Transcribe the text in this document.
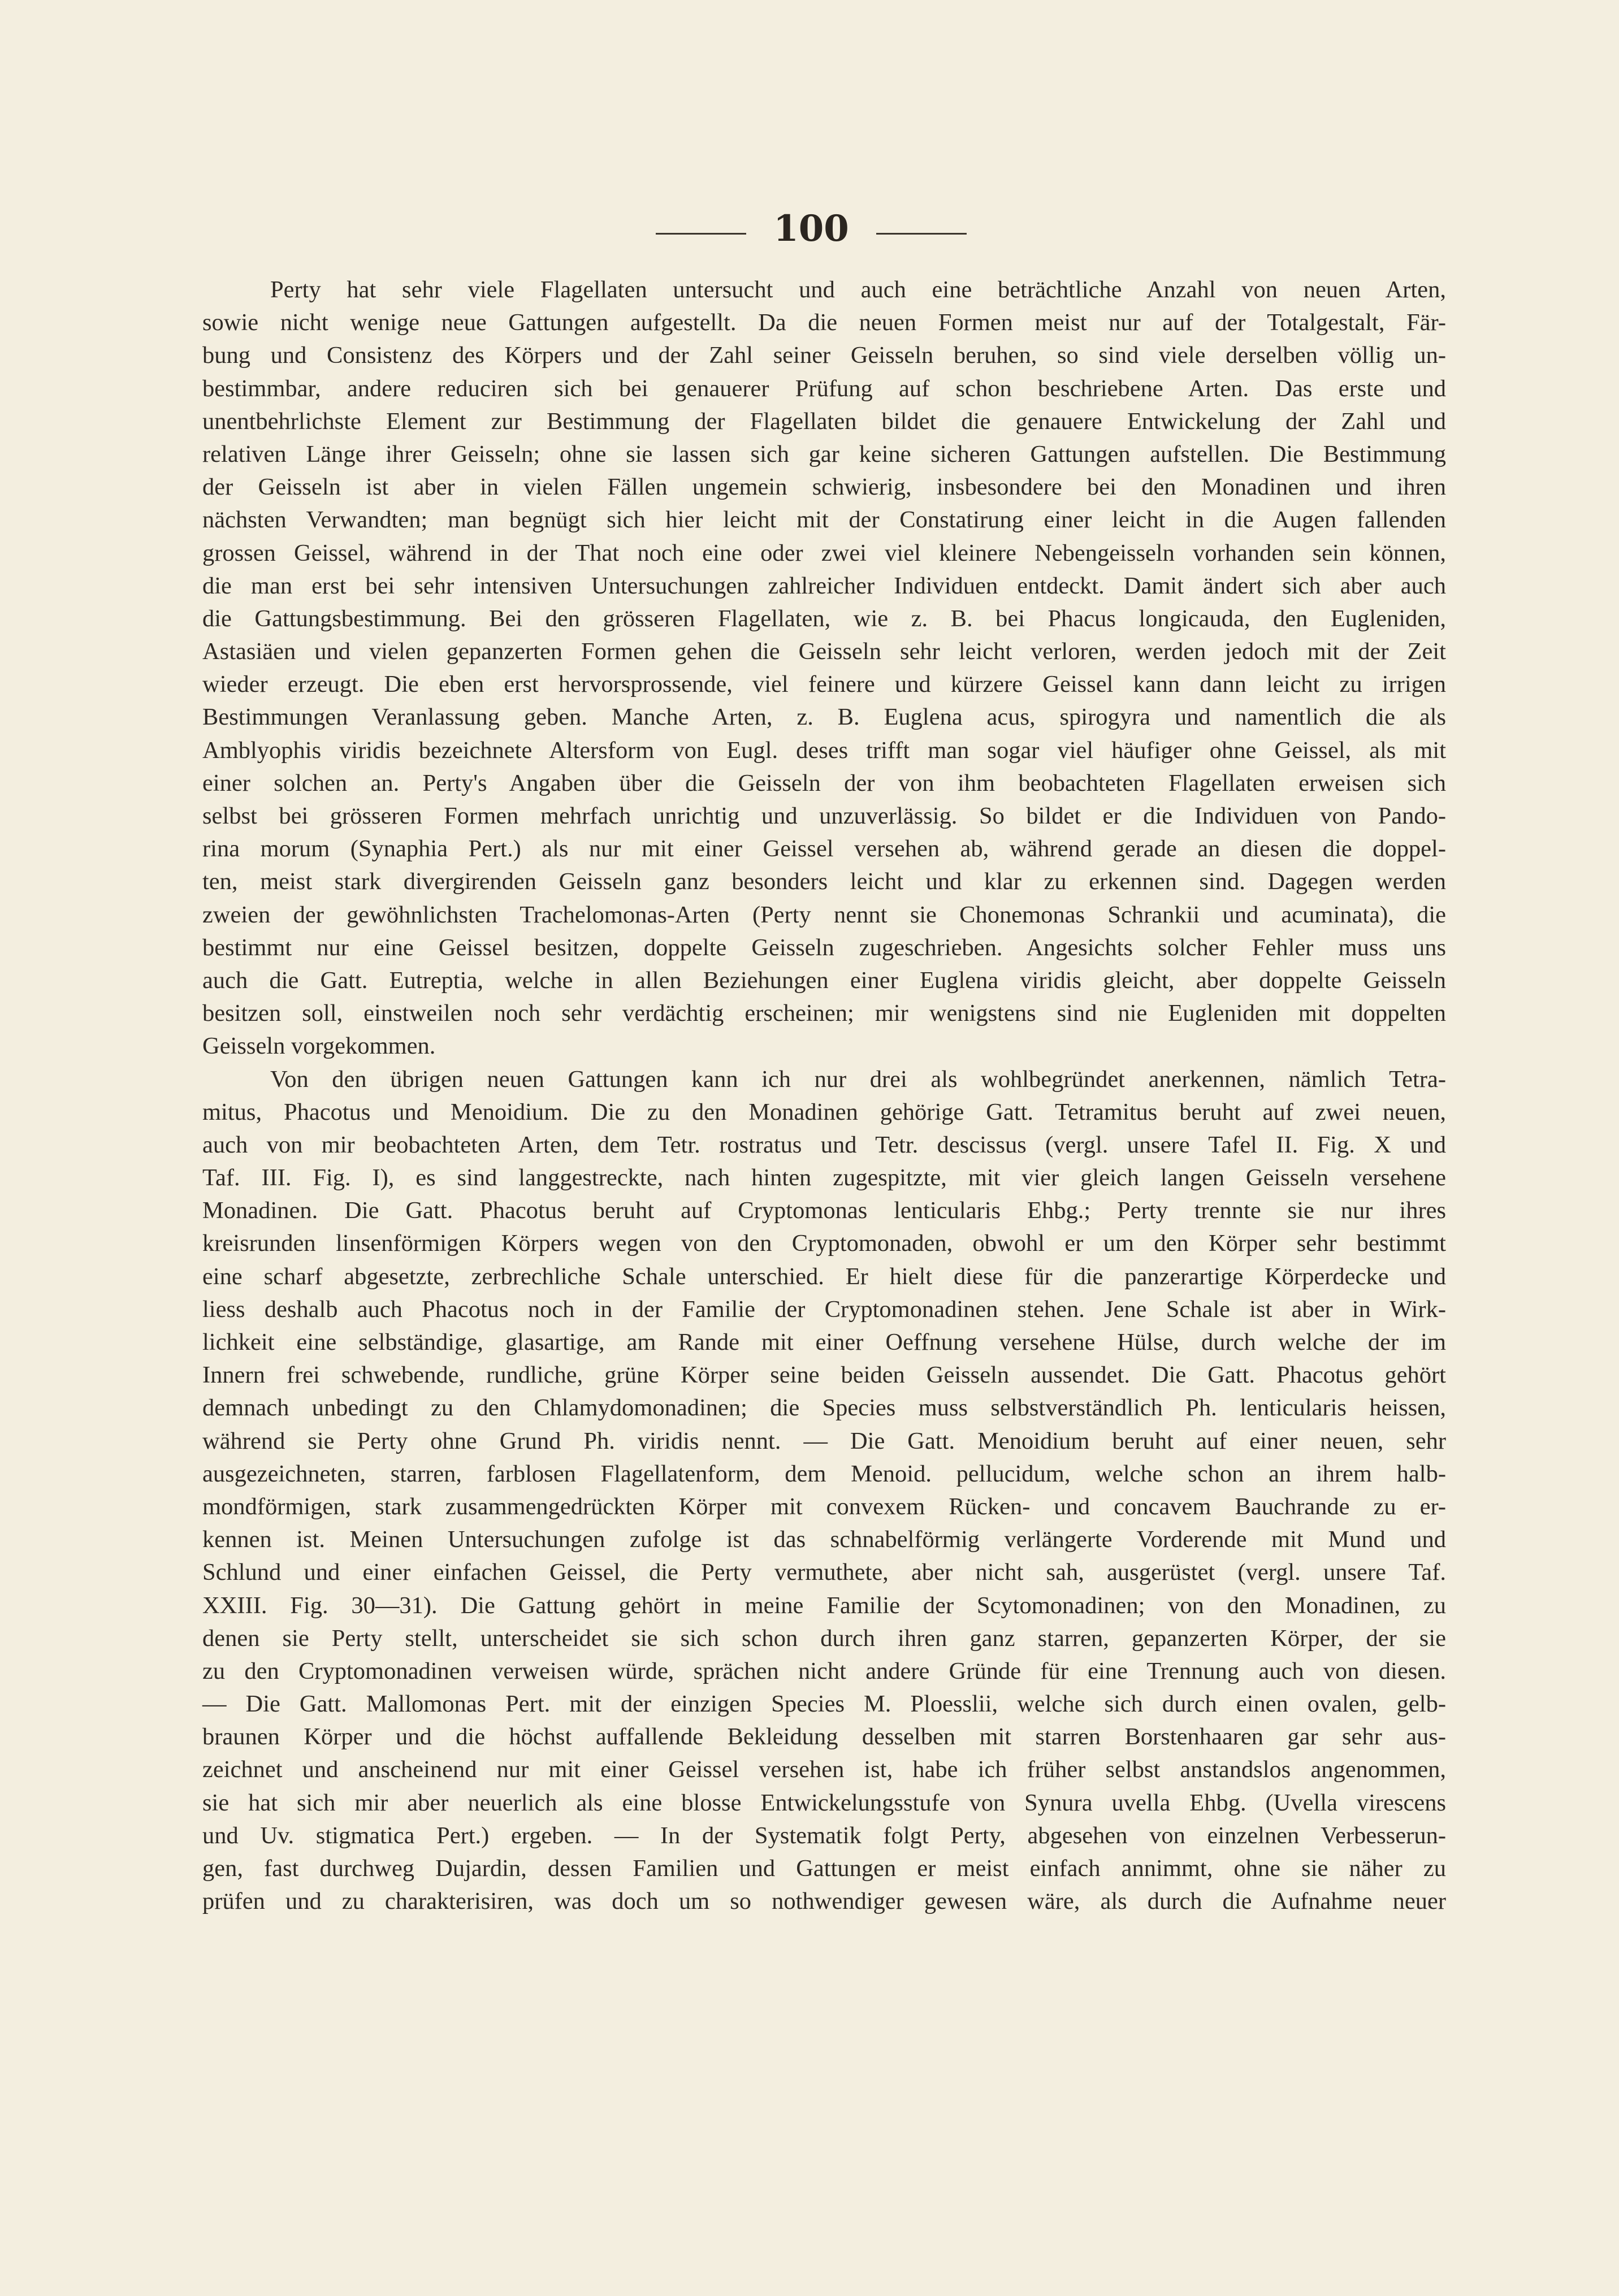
100
Perty hat sehr viele Flagellaten untersucht und auch eine beträchtliche Anzahl von neuen Arten,
sowie nicht wenige neue Gattungen aufgestellt. Da die neuen Formen meist nur auf der Totalgestalt, Fär-
bung und Consistenz des Körpers und der Zahl seiner Geisseln beruhen, so sind viele derselben völlig un-
bestimmbar, andere reduciren sich bei genauerer Prüfung auf schon beschriebene Arten. Das erste und
unentbehrlichste Element zur Bestimmung der Flagellaten bildet die genauere Entwickelung der Zahl und
relativen Länge ihrer Geisseln; ohne sie lassen sich gar keine sicheren Gattungen aufstellen. Die Bestimmung
der Geisseln ist aber in vielen Fällen ungemein schwierig, insbesondere bei den Monadinen und ihren
nächsten Verwandten; man begnügt sich hier leicht mit der Constatirung einer leicht in die Augen fallenden
grossen Geissel, während in der That noch eine oder zwei viel kleinere Nebengeisseln vorhanden sein können,
die man erst bei sehr intensiven Untersuchungen zahlreicher Individuen entdeckt. Damit ändert sich aber auch
die Gattungsbestimmung. Bei den grösseren Flagellaten, wie z. B. bei Phacus longicauda, den Eugleniden,
Astasiäen und vielen gepanzerten Formen gehen die Geisseln sehr leicht verloren, werden jedoch mit der Zeit
wieder erzeugt. Die eben erst hervorsprossende, viel feinere und kürzere Geissel kann dann leicht zu irrigen
Bestimmungen Veranlassung geben. Manche Arten, z. B. Euglena acus, spirogyra und namentlich die als
Amblyophis viridis bezeichnete Altersform von Eugl. deses trifft man sogar viel häufiger ohne Geissel, als mit
einer solchen an. Perty's Angaben über die Geisseln der von ihm beobachteten Flagellaten erweisen sich
selbst bei grösseren Formen mehrfach unrichtig und unzuverlässig. So bildet er die Individuen von Pando-
rina morum (Synaphia Pert.) als nur mit einer Geissel versehen ab, während gerade an diesen die doppel-
ten, meist stark divergirenden Geisseln ganz besonders leicht und klar zu erkennen sind. Dagegen werden
zweien der gewöhnlichsten Trachelomonas-Arten (Perty nennt sie Chonemonas Schrankii und acuminata), die
bestimmt nur eine Geissel besitzen, doppelte Geisseln zugeschrieben. Angesichts solcher Fehler muss uns
auch die Gatt. Eutreptia, welche in allen Beziehungen einer Euglena viridis gleicht, aber doppelte Geisseln
besitzen soll, einstweilen noch sehr verdächtig erscheinen; mir wenigstens sind nie Eugleniden mit doppelten
Geisseln vorgekommen.
Von den übrigen neuen Gattungen kann ich nur drei als wohlbegründet anerkennen, nämlich Tetra-
mitus, Phacotus und Menoidium. Die zu den Monadinen gehörige Gatt. Tetramitus beruht auf zwei neuen,
auch von mir beobachteten Arten, dem Tetr. rostratus und Tetr. descissus (vergl. unsere Tafel II. Fig. X und
Taf. III. Fig. I), es sind langgestreckte, nach hinten zugespitzte, mit vier gleich langen Geisseln versehene
Monadinen. Die Gatt. Phacotus beruht auf Cryptomonas lenticularis Ehbg.; Perty trennte sie nur ihres
kreisrunden linsenförmigen Körpers wegen von den Cryptomonaden, obwohl er um den Körper sehr bestimmt
eine scharf abgesetzte, zerbrechliche Schale unterschied. Er hielt diese für die panzerartige Körperdecke und
liess deshalb auch Phacotus noch in der Familie der Cryptomonadinen stehen. Jene Schale ist aber in Wirk-
lichkeit eine selbständige, glasartige, am Rande mit einer Oeffnung versehene Hülse, durch welche der im
Innern frei schwebende, rundliche, grüne Körper seine beiden Geisseln aussendet. Die Gatt. Phacotus gehört
demnach unbedingt zu den Chlamydomonadinen; die Species muss selbstverständlich Ph. lenticularis heissen,
während sie Perty ohne Grund Ph. viridis nennt. — Die Gatt. Menoidium beruht auf einer neuen, sehr
ausgezeichneten, starren, farblosen Flagellatenform, dem Menoid. pellucidum, welche schon an ihrem halb-
mondförmigen, stark zusammengedrückten Körper mit convexem Rücken- und concavem Bauchrande zu er-
kennen ist. Meinen Untersuchungen zufolge ist das schnabelförmig verlängerte Vorderende mit Mund und
Schlund und einer einfachen Geissel, die Perty vermuthete, aber nicht sah, ausgerüstet (vergl. unsere Taf.
XXIII. Fig. 30—31). Die Gattung gehört in meine Familie der Scytomonadinen; von den Monadinen, zu
denen sie Perty stellt, unterscheidet sie sich schon durch ihren ganz starren, gepanzerten Körper, der sie
zu den Cryptomonadinen verweisen würde, sprächen nicht andere Gründe für eine Trennung auch von diesen.
— Die Gatt. Mallomonas Pert. mit der einzigen Species M. Ploesslii, welche sich durch einen ovalen, gelb-
braunen Körper und die höchst auffallende Bekleidung desselben mit starren Borstenhaaren gar sehr aus-
zeichnet und anscheinend nur mit einer Geissel versehen ist, habe ich früher selbst anstandslos angenommen,
sie hat sich mir aber neuerlich als eine blosse Entwickelungsstufe von Synura uvella Ehbg. (Uvella virescens
und Uv. stigmatica Pert.) ergeben. — In der Systematik folgt Perty, abgesehen von einzelnen Verbesserun-
gen, fast durchweg Dujardin, dessen Familien und Gattungen er meist einfach annimmt, ohne sie näher zu
prüfen und zu charakterisiren, was doch um so nothwendiger gewesen wäre, als durch die Aufnahme neuer
